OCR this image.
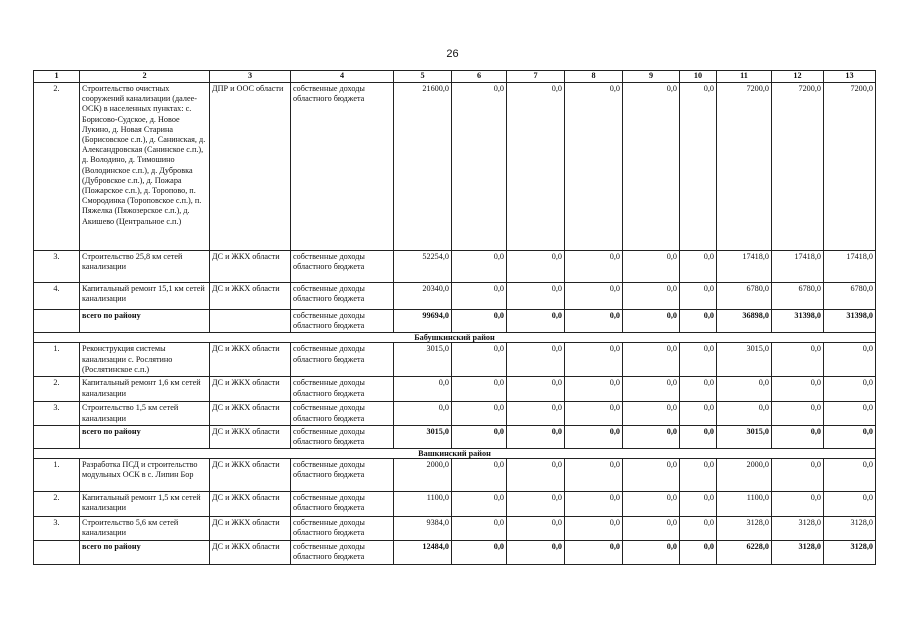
26
1	2	3	4	5	6	7	8	9	10	11	12	13
2.	Строительство очистных сооружений канализации (далее-ОСК) в населенных пунктах: с. Борисово-Судское, д. Новое Лукино, д. Новая Старина (Борисовское с.п.), д. Санинская, д. Александровская (Санинское с.п.), д. Володино, д. Тимошино (Володинское с.п.), д. Дубровка (Дубровское с.п.), д. Пожара (Пожарское с.п.), д. Торопово, п. Смородинка (Тороповское с.п.), п. Пяжелка (Пяжозерское с.п.), д. Акишево (Центральное с.п.)	ДПР и ООС области	собственные доходы областного бюджета	21600,0	0,0	0,0	0,0	0,0	0,0	7200,0	7200,0	7200,0
3.	Строительство 25,8 км сетей канализации	ДС и ЖКХ области	собственные доходы областного бюджета	52254,0	0,0	0,0	0,0	0,0	0,0	17418,0	17418,0	17418,0
4.	Капитальный ремонт 15,1 км сетей канализации	ДС и ЖКХ области	собственные доходы областного бюджета	20340,0	0,0	0,0	0,0	0,0	0,0	6780,0	6780,0	6780,0
	всего по району		собственные доходы областного бюджета	99694,0	0,0	0,0	0,0	0,0	0,0	36898,0	31398,0	31398,0
Бабушкинский район												
1.	Реконструкция системы канализации с. Рослятино (Рослятинское с.п.)	ДС и ЖКХ области	собственные доходы областного бюджета	3015,0	0,0	0,0	0,0	0,0	0,0	3015,0	0,0	0,0
2.	Капитальный ремонт 1,6 км сетей канализации	ДС и ЖКХ области	собственные доходы областного бюджета	0,0	0,0	0,0	0,0	0,0	0,0	0,0	0,0	0,0
3.	Строительство 1,5 км сетей канализации	ДС и ЖКХ области	собственные доходы областного бюджета	0,0	0,0	0,0	0,0	0,0	0,0	0,0	0,0	0,0
	всего по району	ДС и ЖКХ области	собственные доходы областного бюджета	3015,0	0,0	0,0	0,0	0,0	0,0	3015,0	0,0	0,0
Вашкинский район												
1.	Разработка ПСД и строительство модульных ОСК в с. Липин Бор	ДС и ЖКХ области	собственные доходы областного бюджета	2000,0	0,0	0,0	0,0	0,0	0,0	2000,0	0,0	0,0
2.	Капитальный ремонт 1,5 км сетей канализации	ДС и ЖКХ области	собственные доходы областного бюджета	1100,0	0,0	0,0	0,0	0,0	0,0	1100,0	0,0	0,0
3.	Строительство 5,6 км сетей канализации	ДС и ЖКХ области	собственные доходы областного бюджета	9384,0	0,0	0,0	0,0	0,0	0,0	3128,0	3128,0	3128,0
	всего по району	ДС и ЖКХ области	собственные доходы областного бюджета	12484,0	0,0	0,0	0,0	0,0	0,0	6228,0	3128,0	3128,0
